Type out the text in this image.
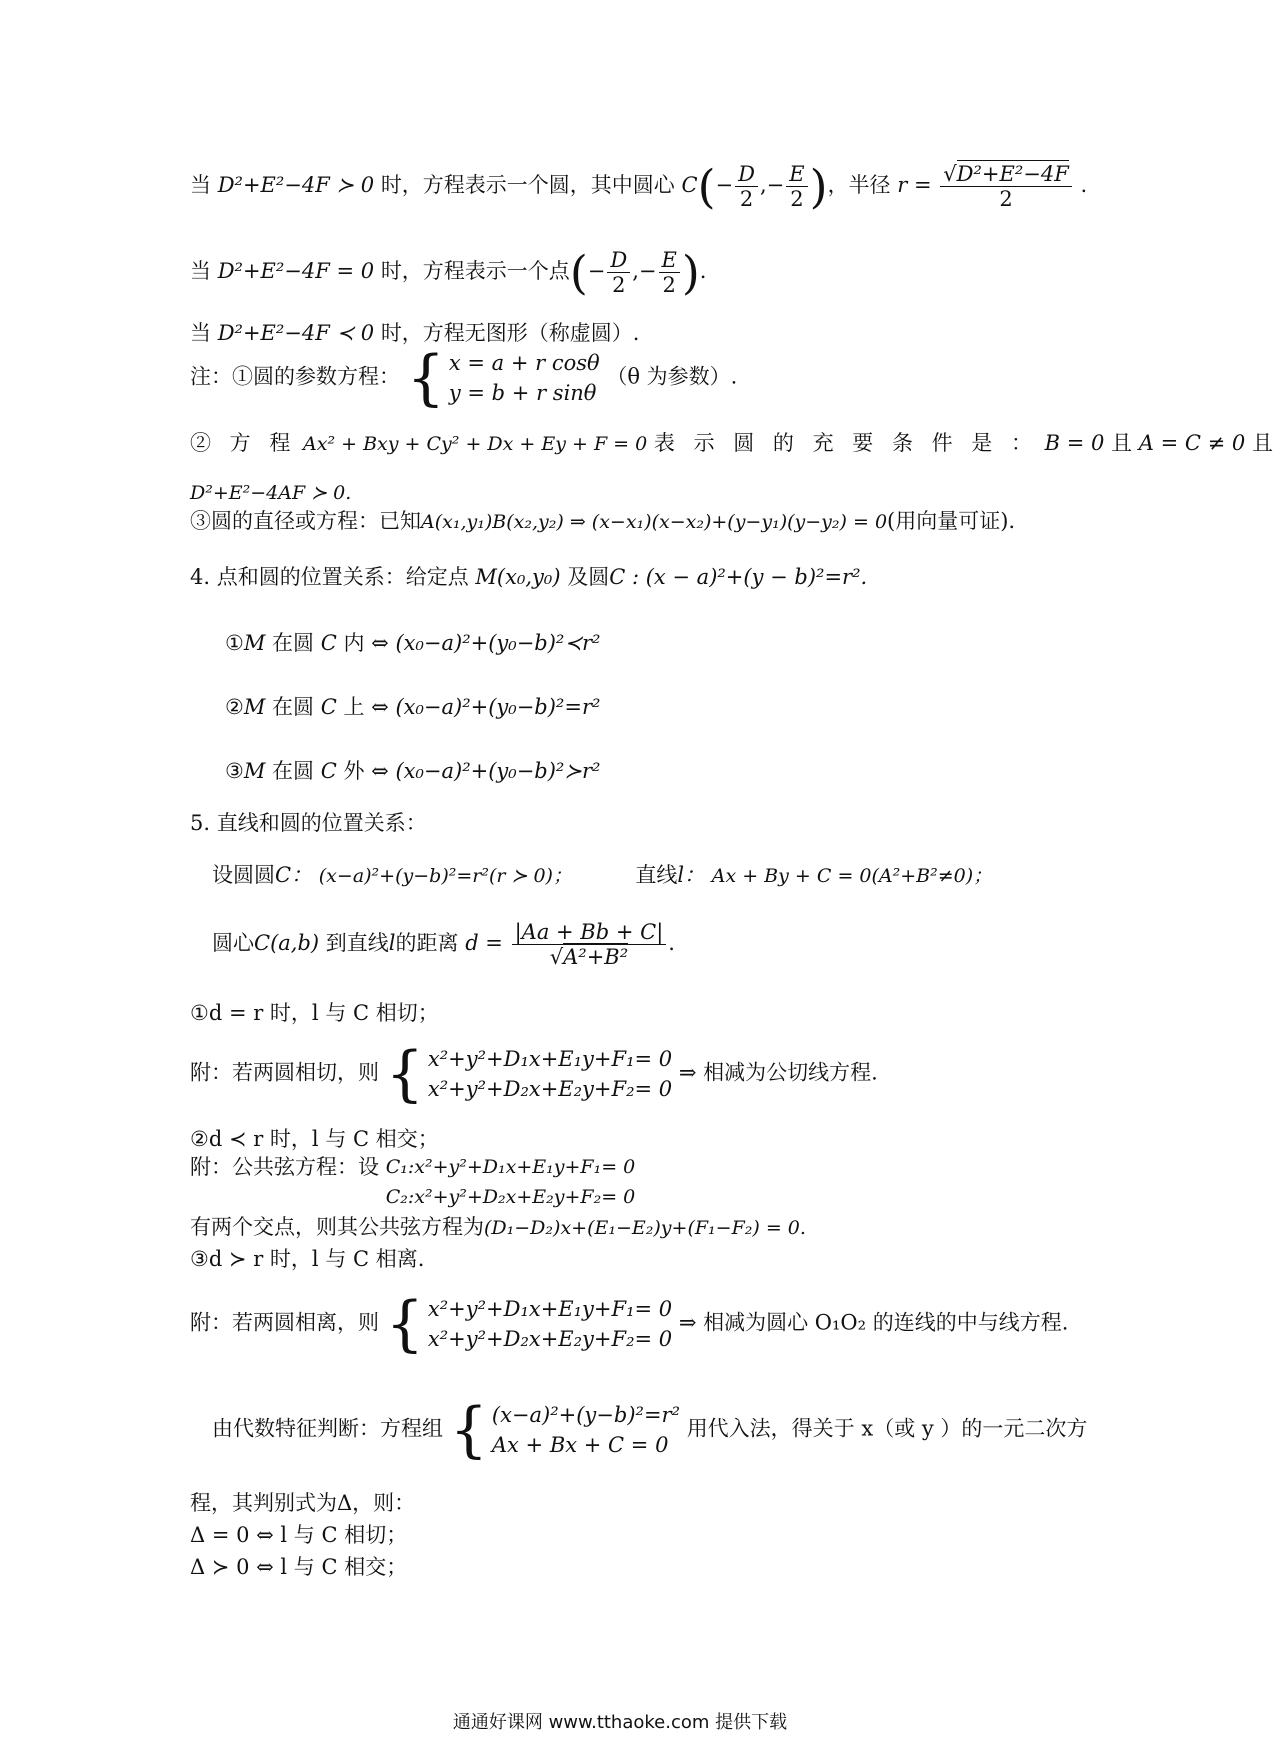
当 D²+E²−4F ≻ 0 时，方程表示一个圆，其中圆心 $C(- \frac{D}{2}$ ,− $\frac{E}{2}$ )，半径 $r = \frac{\text{√D²+E²−4F}}{2}$ .
当 D²+E²−4F = 0 时，方程表示一个点(− $\frac{D}{2}$ ,− $\frac{E}{2}$ ).
当 D²+E²−4F ≺ 0 时，方程无图形（称虚圆）.
注：①圆的参数方程： { x = a + r cosθ
y = b + r sinθ
（θ 为参数）.
② 方 程 Ax² + Bxy + Cy² + Dx + Ey + F = 0 表 示 圆 的 充 要 条 件 是 ： B = 0 且 A = C ≠ 0 且
D²+E²−4AF ≻ 0.
③圆的直径或方程：已知A(x₁,y₁)B(x₂,y₂) ⇒ (x−x₁)(x−x₂)+(y−y₁)(y−y₂) = 0(用向量可证).
4. 点和圆的位置关系：给定点 M(x₀,y₀) 及圆C : (x − a)²+(y − b)²=r².
①M 在圆 C 内 ⇔ (x₀−a)²+(y₀−b)²≺r²
②M 在圆 C 上 ⇔ (x₀−a)²+(y₀−b)²=r²
③M 在圆 C 外 ⇔ (x₀−a)²+(y₀−b)²≻r²
5. 直线和圆的位置关系：
设圆圆C： (x−a)²+(y−b)²=r²(r ≻ 0)；	直线l： Ax + By + C = 0(A²+B²≠0)；
圆心C(a,b) 到直线l的距离 $d = \frac{|Aa + Bb + C|}{\text{√A²+B²}}$ .
①d = r 时，l 与 C 相切；
附：若两圆相切，则 { x²+y²+D₁x+E₁y+F₁= 0
x²+y²+D₂x+E₂y+F₂= 0
⇒ 相减为公切线方程.
②d ≺ r 时，l 与 C 相交；
附：公共弦方程：设 C₁:x²+y²+D₁x+E₁y+F₁= 0
C₂:x²+y²+D₂x+E₂y+F₂= 0
有两个交点，则其公共弦方程为(D₁−D₂)x+(E₁−E₂)y+(F₁−F₂) = 0.
③d ≻ r 时，l 与 C 相离.
附：若两圆相离，则 { x²+y²+D₁x+E₁y+F₁= 0
x²+y²+D₂x+E₂y+F₂= 0
⇒ 相减为圆心 O₁O₂ 的连线的中与线方程.
由代数特征判断：方程组 { (x−a)²+(y−b)²=r²
Ax + Bx + C = 0
用代入法，得关于 x（或 y ）的一元二次方
程，其判别式为Δ，则：
Δ = 0 ⇔ l 与 C 相切；
Δ ≻ 0 ⇔ l 与 C 相交；
通通好课网 www.tthaoke.com 提供下载
